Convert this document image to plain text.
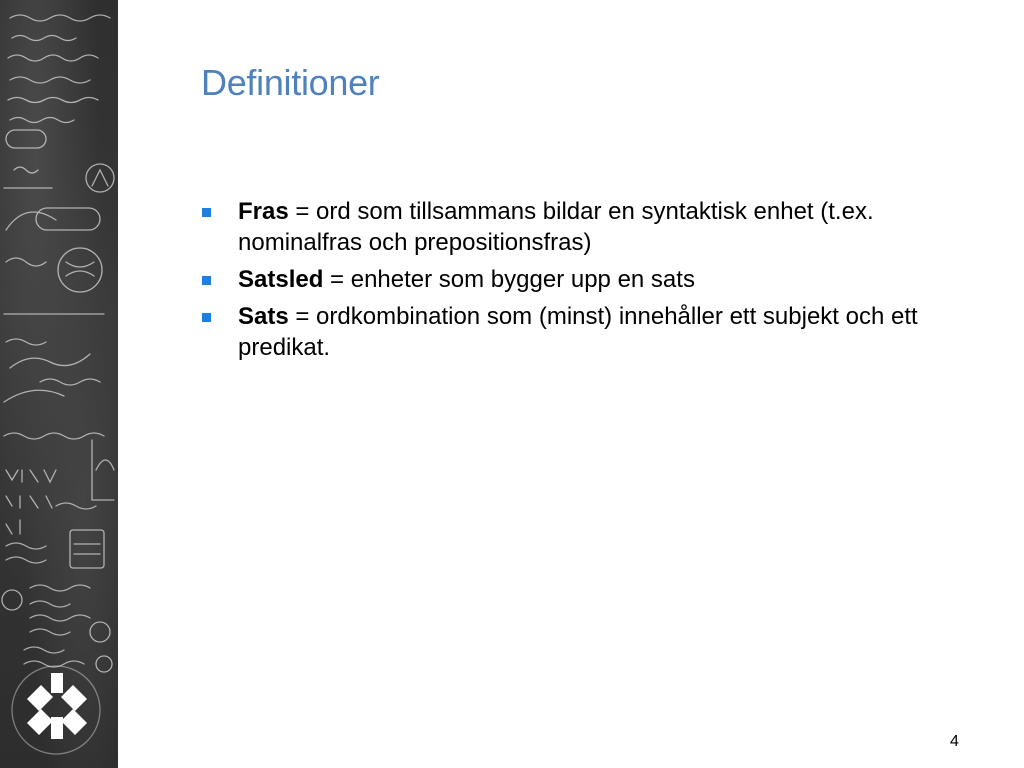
Definitioner
Fras = ord som tillsammans bildar en syntaktisk enhet (t.ex. nominalfras och prepositionsfras)
Satsled = enheter som bygger upp en sats
Sats = ordkombination som (minst) innehåller ett subjekt och ett predikat.
4
